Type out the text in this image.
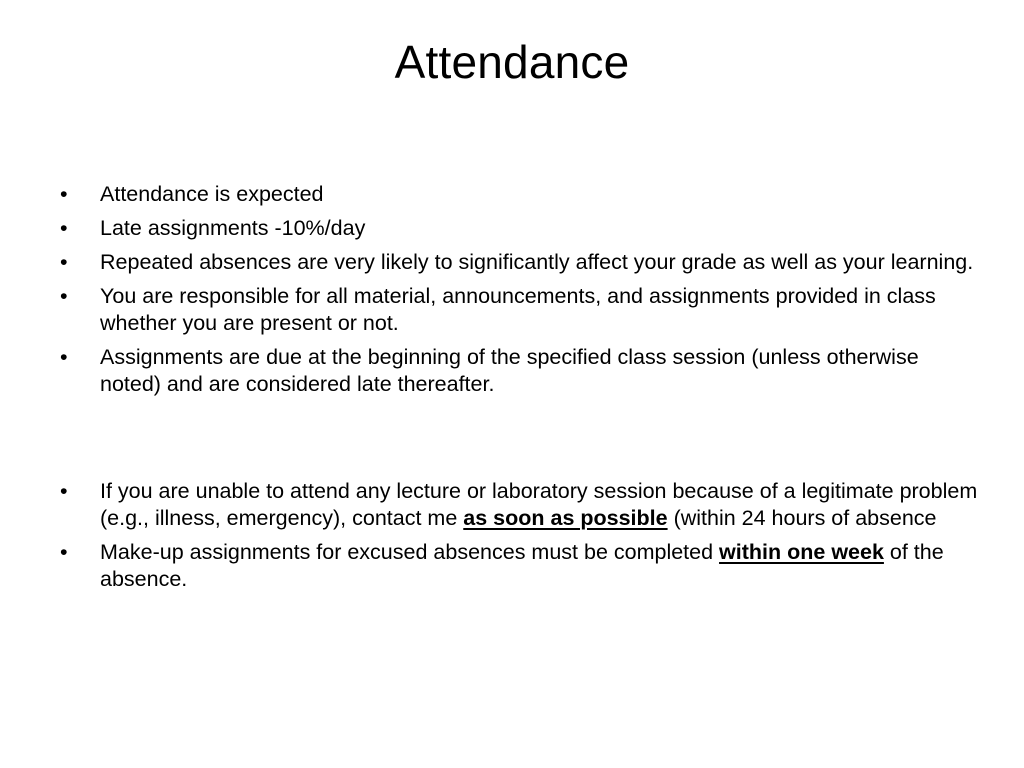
Attendance
•	Attendance is expected
•	Late assignments -10%/day
•	Repeated absences are very likely to significantly affect your grade as well as your learning.
•	You are responsible for all material, announcements, and assignments provided in class whether you are present or not.
•	Assignments are due at the beginning of the specified class session (unless otherwise noted) and are considered late thereafter.
•	If you are unable to attend any lecture or laboratory session because of a legitimate problem (e.g., illness, emergency), contact me as soon as possible (within 24 hours of absence
•	Make-up assignments for excused absences must be completed within one week of the absence.
